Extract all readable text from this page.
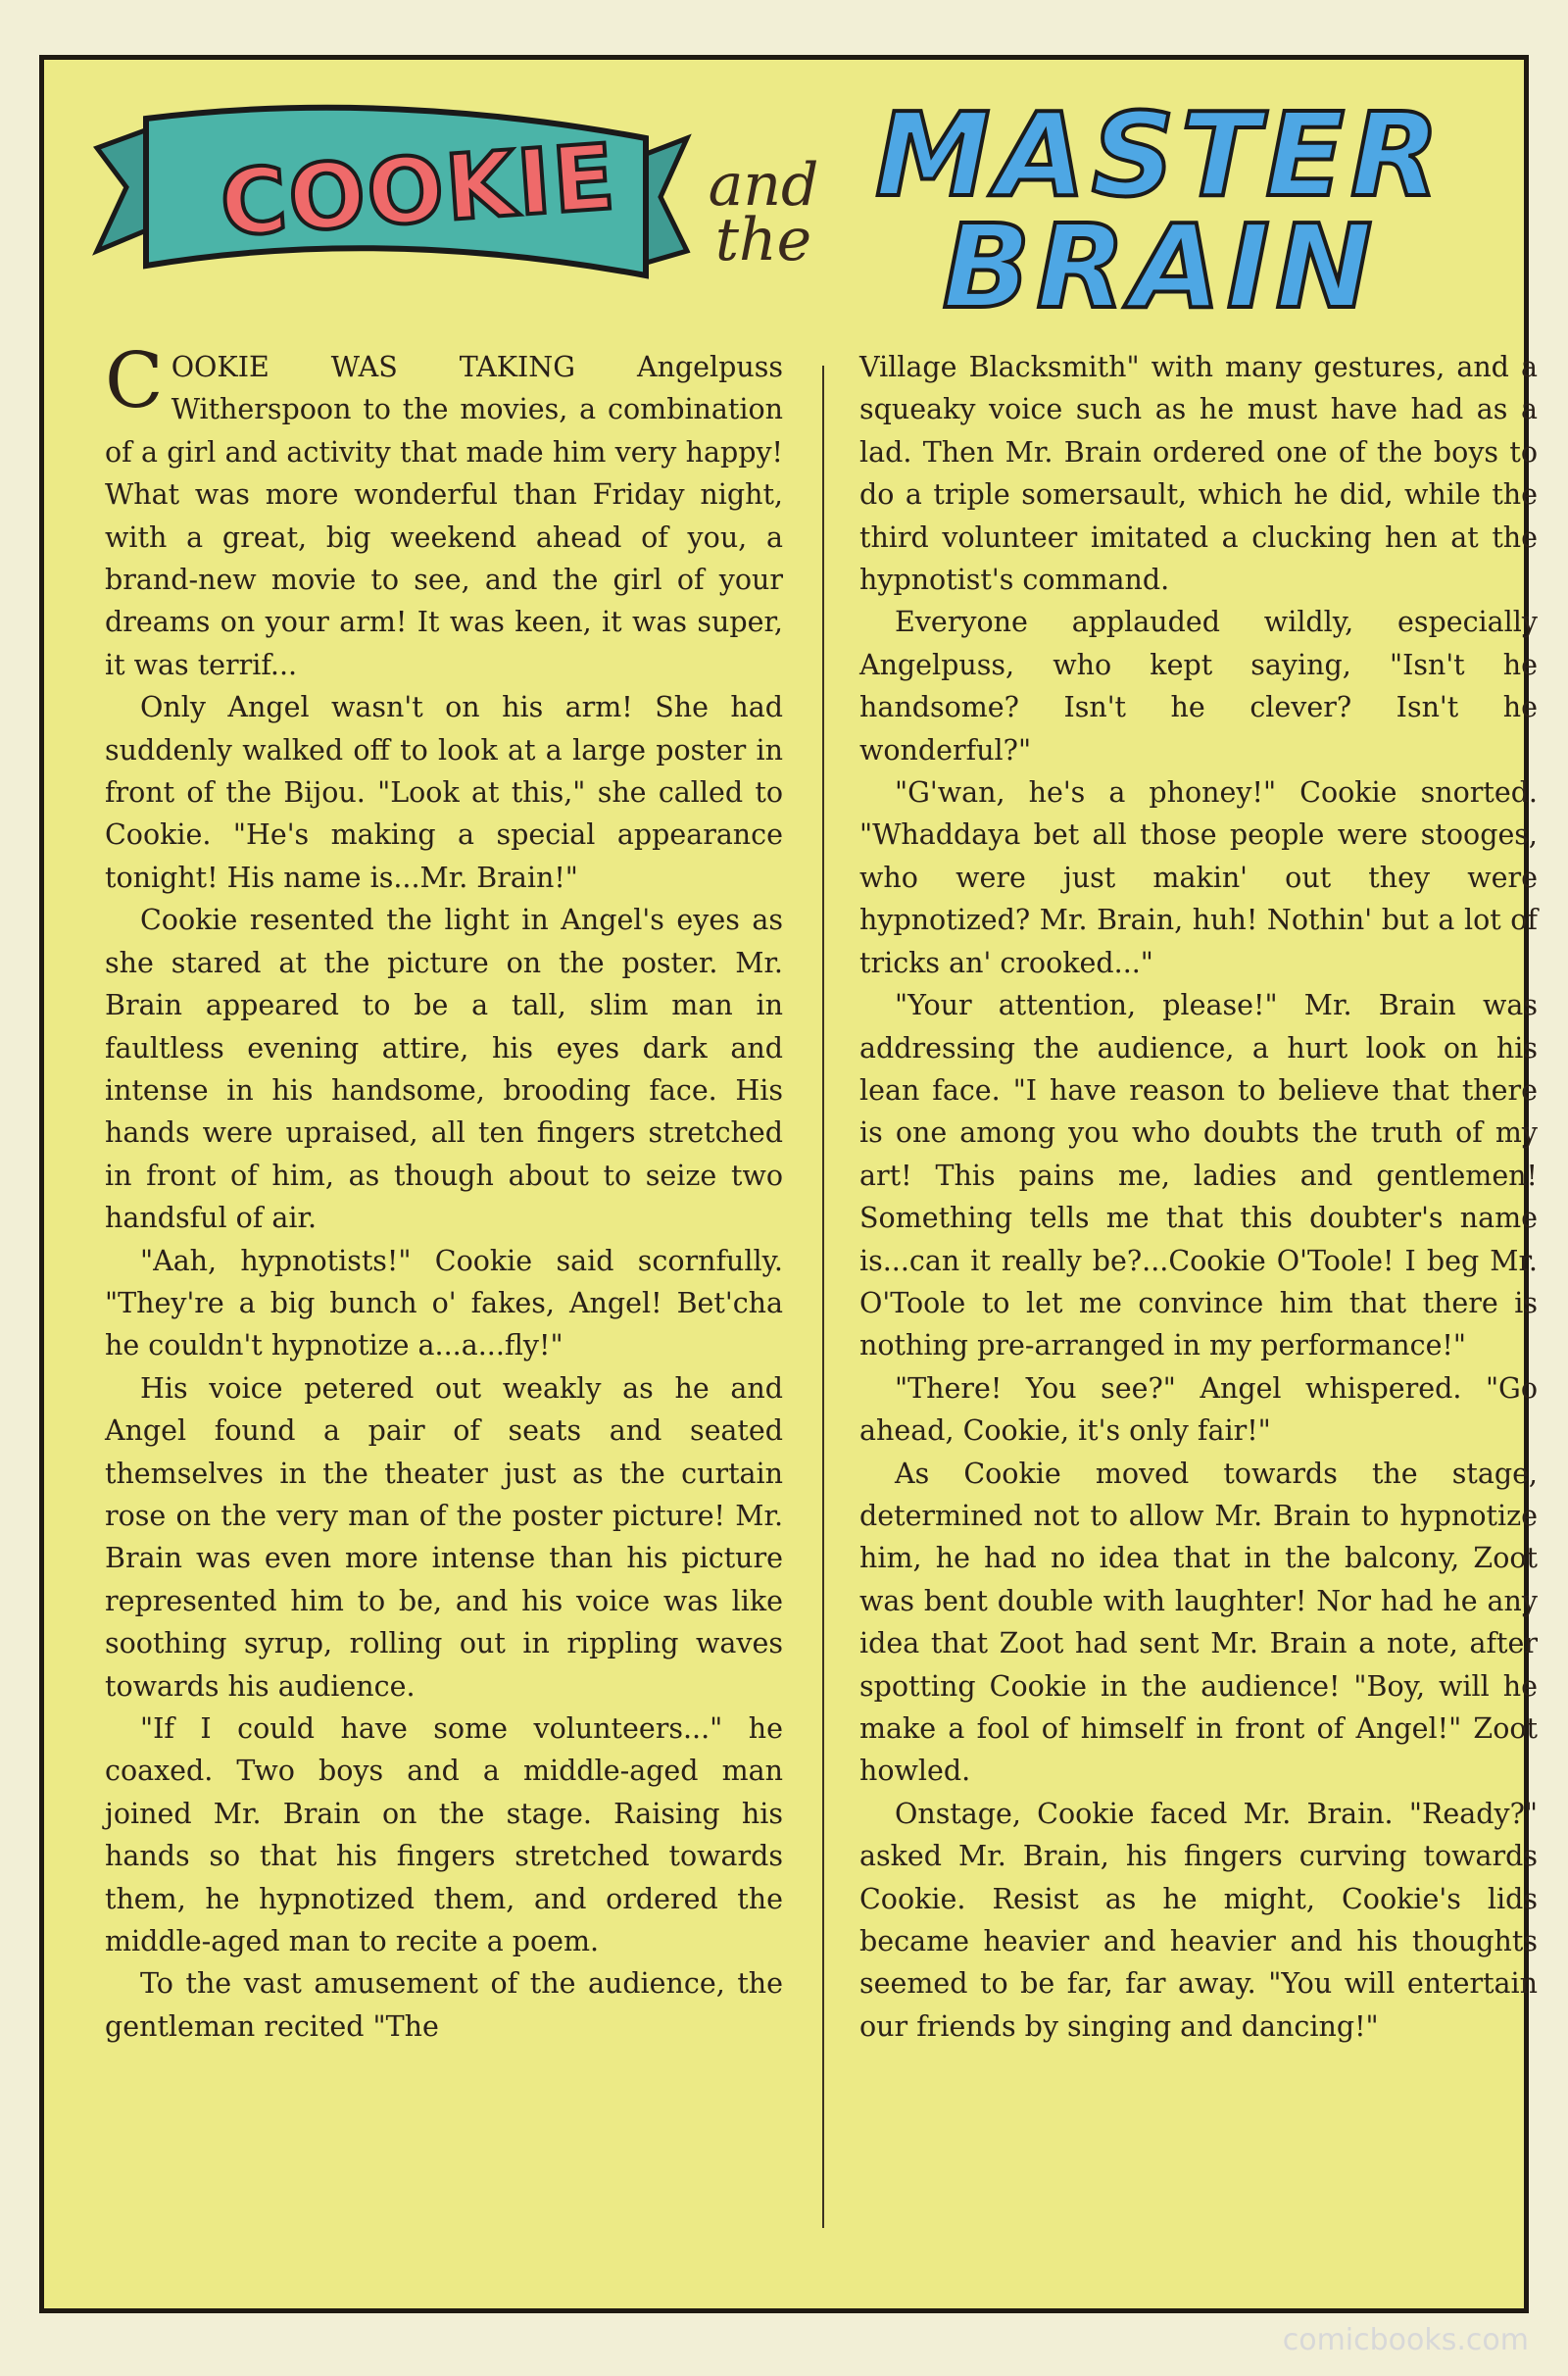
COOKIE	and the
MASTER BRAIN

COOKIE WAS TAKING Angelpuss Witherspoon to the movies, a combination of a girl and activity that made him very happy! What was more wonderful than Friday night, with a great, big weekend ahead of you, a brand-new movie to see, and the girl of your dreams on your arm! It was keen, it was super, it was terrif...

Only Angel wasn't on his arm! She had suddenly walked off to look at a large poster in front of the Bijou. "Look at this," she called to Cookie. "He's making a special appearance tonight! His name is...Mr. Brain!"

Cookie resented the light in Angel's eyes as she stared at the picture on the poster. Mr. Brain appeared to be a tall, slim man in faultless evening attire, his eyes dark and intense in his handsome, brooding face. His hands were upraised, all ten fingers stretched in front of him, as though about to seize two handsful of air.

"Aah, hypnotists!" Cookie said scornfully. "They're a big bunch o' fakes, Angel! Bet'cha he couldn't hypnotize a...a...fly!"

His voice petered out weakly as he and Angel found a pair of seats and seated themselves in the theater just as the curtain rose on the very man of the poster picture! Mr. Brain was even more intense than his picture represented him to be, and his voice was like soothing syrup, rolling out in rippling waves towards his audience.

"If I could have some volunteers..." he coaxed. Two boys and a middle-aged man joined Mr. Brain on the stage. Raising his hands so that his fingers stretched towards them, he hypnotized them, and ordered the middle-aged man to recite a poem.

To the vast amusement of the audience, the gentleman recited "The

Village Blacksmith" with many gestures, and a squeaky voice such as he must have had as a lad. Then Mr. Brain ordered one of the boys to do a triple somersault, which he did, while the third volunteer imitated a clucking hen at the hypnotist's command.

Everyone applauded wildly, especially Angelpuss, who kept saying, "Isn't he handsome? Isn't he clever? Isn't he wonderful?"

"G'wan, he's a phoney!" Cookie snorted. "Whaddaya bet all those people were stooges, who were just makin' out they were hypnotized? Mr. Brain, huh! Nothin' but a lot of tricks an' crooked..."

"Your attention, please!" Mr. Brain was addressing the audience, a hurt look on his lean face. "I have reason to believe that there is one among you who doubts the truth of my art! This pains me, ladies and gentlemen! Something tells me that this doubter's name is...can it really be?...Cookie O'Toole! I beg Mr. O'Toole to let me convince him that there is nothing pre-arranged in my performance!"

"There! You see?" Angel whispered. "Go ahead, Cookie, it's only fair!"

As Cookie moved towards the stage, determined not to allow Mr. Brain to hypnotize him, he had no idea that in the balcony, Zoot was bent double with laughter! Nor had he any idea that Zoot had sent Mr. Brain a note, after spotting Cookie in the audience! "Boy, will he make a fool of himself in front of Angel!" Zoot howled.

Onstage, Cookie faced Mr. Brain. "Ready?" asked Mr. Brain, his fingers curving towards Cookie. Resist as he might, Cookie's lids became heavier and heavier and his thoughts seemed to be far, far away. "You will entertain our friends by singing and dancing!"

comicbooks.com
